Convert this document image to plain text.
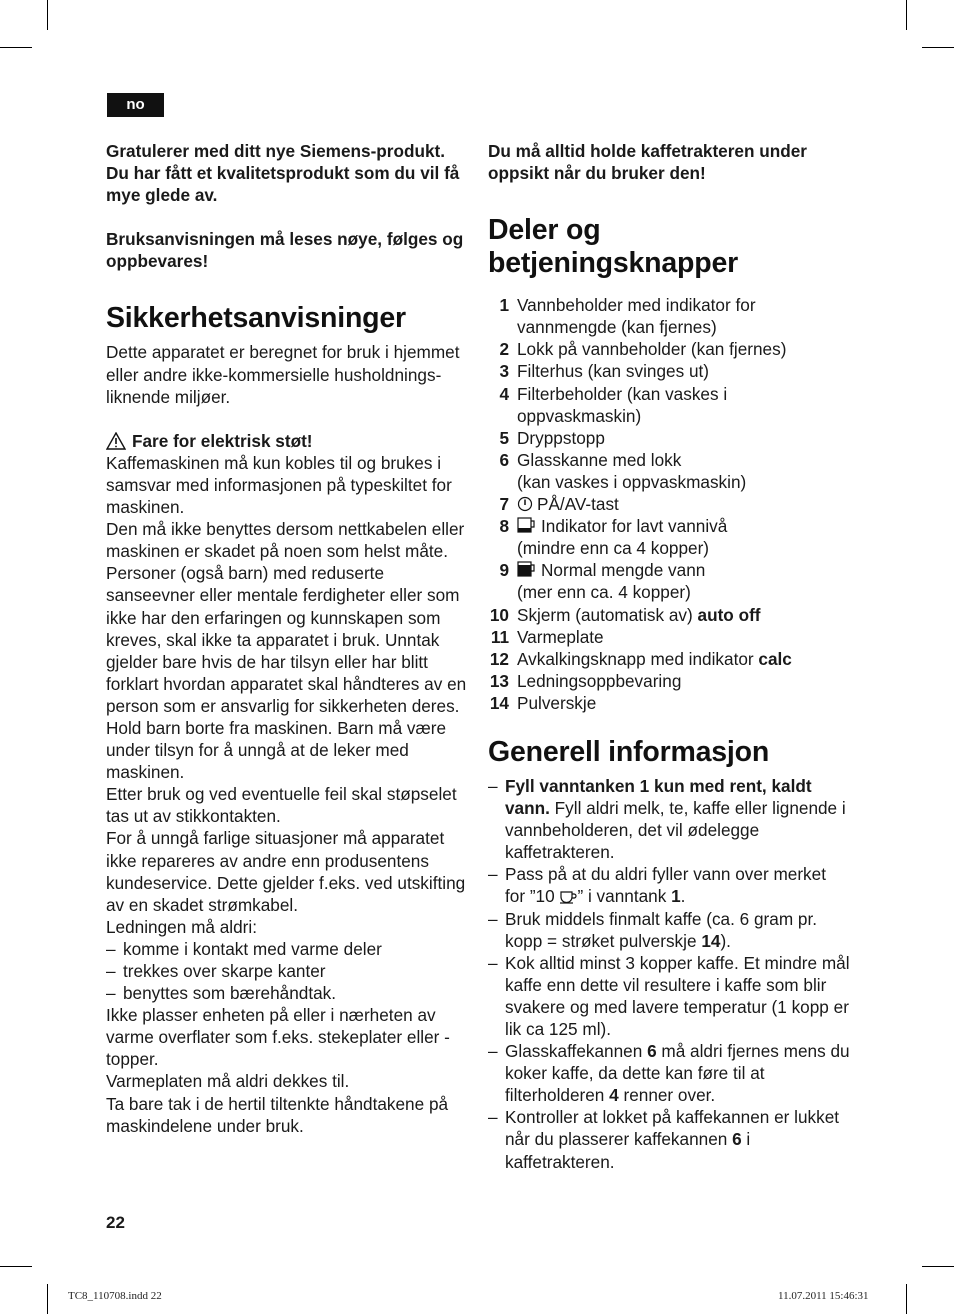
no

Gratulerer med ditt nye Siemens-produkt.

Du har fått et kvalitetsprodukt som du vil få mye glede av.

Bruksanvisningen må leses nøye, følges og oppbevares!

Sikkerhetsanvisninger

Dette apparatet er beregnet for bruk i hjemmet eller andre ikke-kommersielle husholdnings-liknende miljøer.

Fare for elektrisk støt!

Kaffemaskinen må kun kobles til og brukes i samsvar med informasjonen på typeskiltet for maskinen.

Den må ikke benyttes dersom nettkabelen eller maskinen er skadet på noen som helst måte.

Personer (også barn) med reduserte sanseevner eller mentale ferdigheter eller som ikke har den erfaringen og kunnskapen som kreves, skal ikke ta apparatet i bruk. Unntak gjelder bare hvis de har tilsyn eller har blitt forklart hvordan apparatet skal håndteres av en person som er ansvarlig for sikkerheten deres.

Hold barn borte fra maskinen. Barn må være under tilsyn for å unngå at de leker med maskinen.

Etter bruk og ved eventuelle feil skal støpselet tas ut av stikkontakten.

For å unngå farlige situasjoner må apparatet ikke repareres av andre enn produsentens kundeservice. Dette gjelder f.eks. ved utskifting av en skadet strømkabel.

Ledningen må aldri:

– komme i kontakt med varme deler
– trekkes over skarpe kanter
– benyttes som bærehåndtak.

Ikke plasser enheten på eller i nærheten av varme overflater som f.eks. stekeplater eller -topper.

Varmeplaten må aldri dekkes til.

Ta bare tak i de hertil tiltenkte håndtakene på maskindelene under bruk.

Du må alltid holde kaffetrakteren under oppsikt når du bruker den!

Deler og
betjeningsknapper
1 Vannbeholder med indikator for vannmengde (kan fjernes)
2 Lokk på vannbeholder (kan fjernes)
3 Filterhus (kan svinges ut)
4 Filterbeholder (kan vaskes i oppvaskmaskin)
5 Dryppstopp
6 Glasskanne med lokk
(kan vaskes i oppvaskmaskin)
7	PÅ/AV-tast
8	Indikator for lavt vannivå
(mindre enn ca 4 kopper)
9	Normal mengde vann
(mer enn ca. 4 kopper)
10 Skjerm (automatisk av) auto off
11 Varmeplate
12 Avkalkingsknapp med indikator calc
13 Ledningsoppbevaring
14 Pulverskje
Generell informasjon
– Fyll vanntanken 1 kun med rent, kaldt vann. Fyll aldri melk, te, kaffe eller lignende i vannbeholderen, det vil ødelegge kaffetrakteren.
– Pass på at du aldri fyller vann over merket for ”10 ” i vanntank 1.
– Bruk middels finmalt kaffe (ca. 6 gram pr. kopp = strøket pulverskje 14).
– Kok alltid minst 3 kopper kaffe. Et mindre mål kaffe enn dette vil resultere i kaffe som blir svakere og med lavere temperatur (1 kopp er lik ca 125 ml).
– Glasskaffekannen 6 må aldri fjernes mens du koker kaffe, da dette kan føre til at filterholderen 4 renner over.
– Kontroller at lokket på kaffekannen er lukket når du plasserer kaffekannen 6 i kaffetrakteren.
22
TC8_110708.indd 22	11.07.2011 15:46:31
